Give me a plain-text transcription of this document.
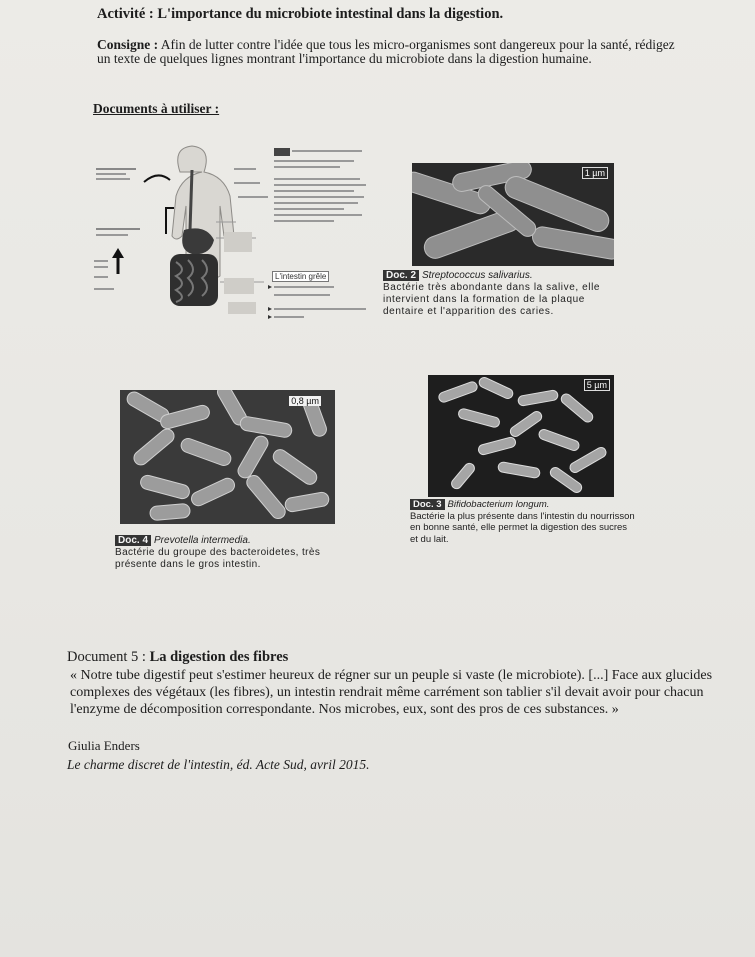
Activité : L'importance du microbiote intestinal dans la digestion.
Consigne : Afin de lutter contre l'idée que tous les micro-organismes sont dangereux pour la santé, rédigez un texte de quelques lignes montrant l'importance du microbiote dans la digestion humaine.
Documents à utiliser :
L'intestin grêle
1 µm
Doc. 2 Streptococcus salivarius.
Bactérie très abondante dans la salive, elle intervient dans la formation de la plaque dentaire et l'apparition des caries.
0,8 µm
Doc. 4 Prevotella intermedia.
Bactérie du groupe des bacteroidetes, très présente dans le gros intestin.
5 µm
Doc. 3 Bifidobacterium longum.
Bactérie la plus présente dans l'intestin du nourrisson en bonne santé, elle permet la digestion des sucres et du lait.
Document 5 : La digestion des fibres
« Notre tube digestif peut s'estimer heureux de régner sur un peuple si vaste (le microbiote). [...] Face aux glucides complexes des végétaux (les fibres), un intestin rendrait même carrément son tablier s'il devait avoir pour chacun l'enzyme de décomposition correspondante. Nos microbes, eux, sont des pros de ces substances. »
Giulia Enders
Le charme discret de l'intestin, éd. Acte Sud, avril 2015.
